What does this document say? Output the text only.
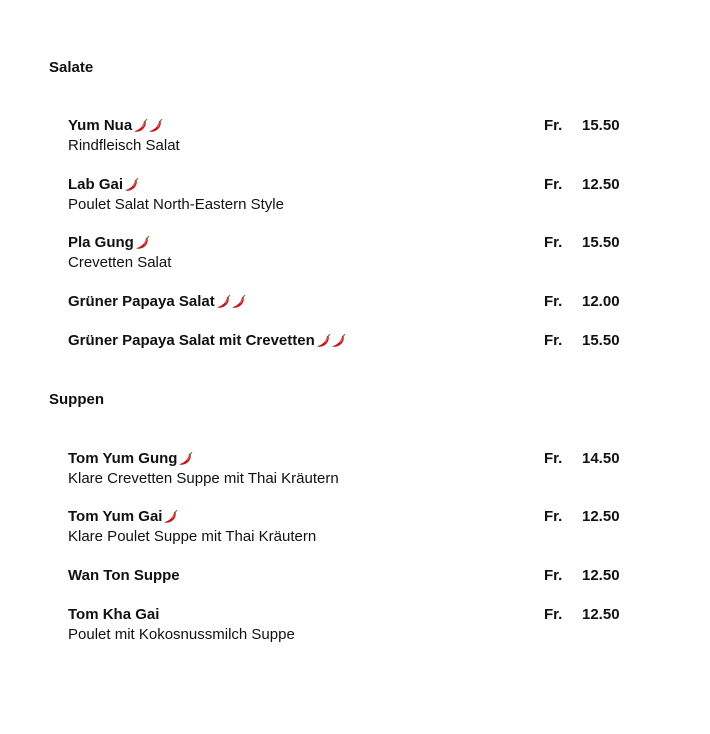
Salate
Yum Nua	Fr. 15.50
Rindfleisch Salat
Lab Gai	Fr. 12.50
Poulet Salat North-Eastern Style
Pla Gung	Fr. 15.50
Crevetten Salat
Grüner Papaya Salat	Fr. 12.00
Grüner Papaya Salat mit Crevetten	Fr. 15.50
Suppen
Tom Yum Gung	Fr. 14.50
Klare Crevetten Suppe mit Thai Kräutern
Tom Yum Gai	Fr. 12.50
Klare Poulet Suppe mit Thai Kräutern
Wan Ton Suppe	Fr. 12.50
Tom Kha Gai	Fr. 12.50
Poulet mit Kokosnussmilch Suppe
